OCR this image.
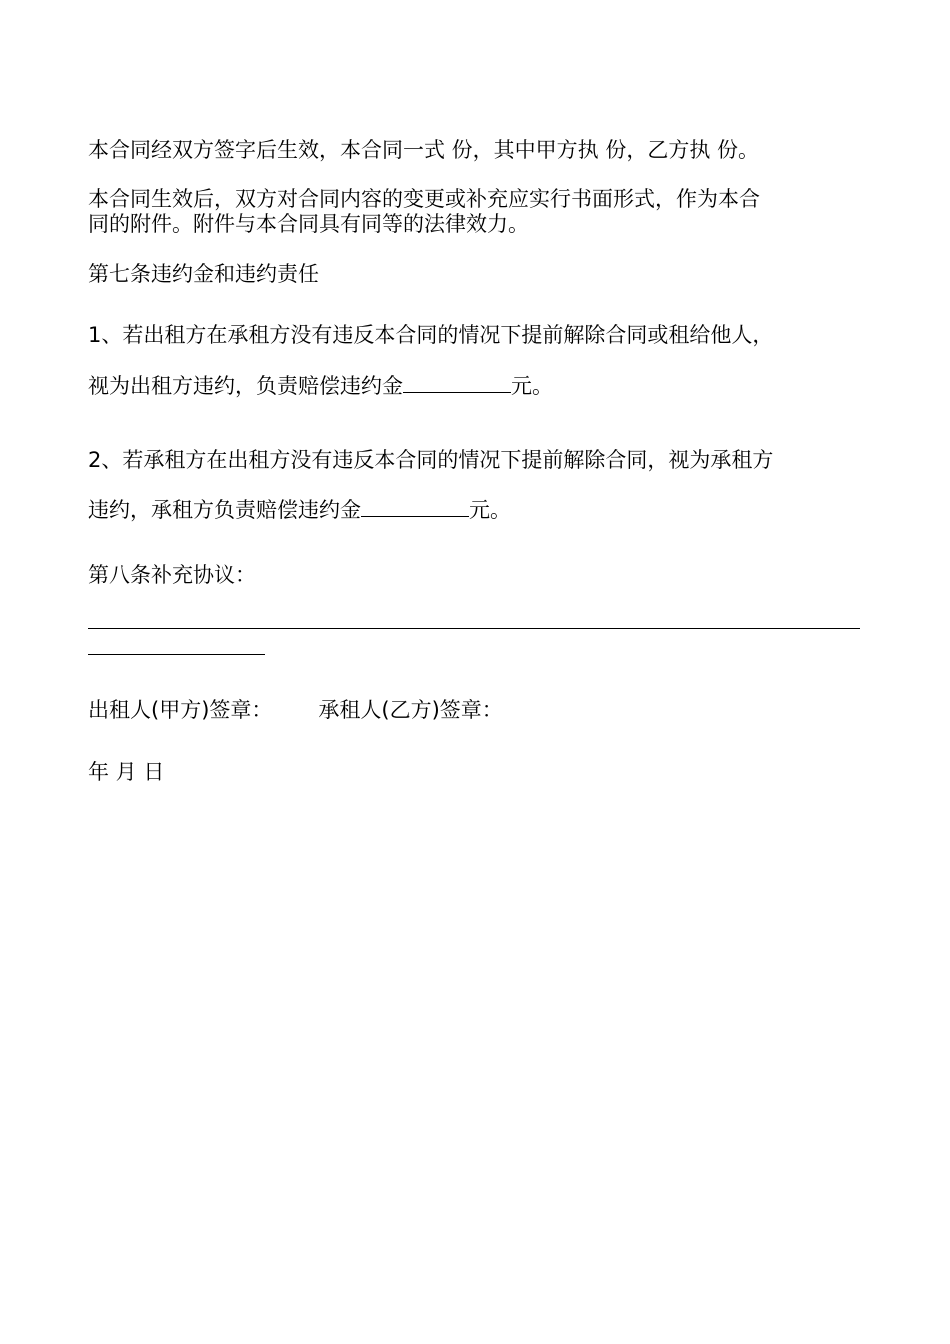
本合同经双方签字后生效，本合同一式 份，其中甲方执 份，乙方执 份。
本合同生效后，双方对合同内容的变更或补充应实行书面形式，作为本合
同的附件。附件与本合同具有同等的法律效力。
第七条违约金和违约责任
1、若出租方在承租方没有违反本合同的情况下提前解除合同或租给他人，
视为出租方违约，负责赔偿违约金	元。
2、若承租方在出租方没有违反本合同的情况下提前解除合同，视为承租方
违约，承租方负责赔偿违约金	元。
第八条补充协议：
出租人(甲方)签章： 承租人(乙方)签章：
年 月 日
